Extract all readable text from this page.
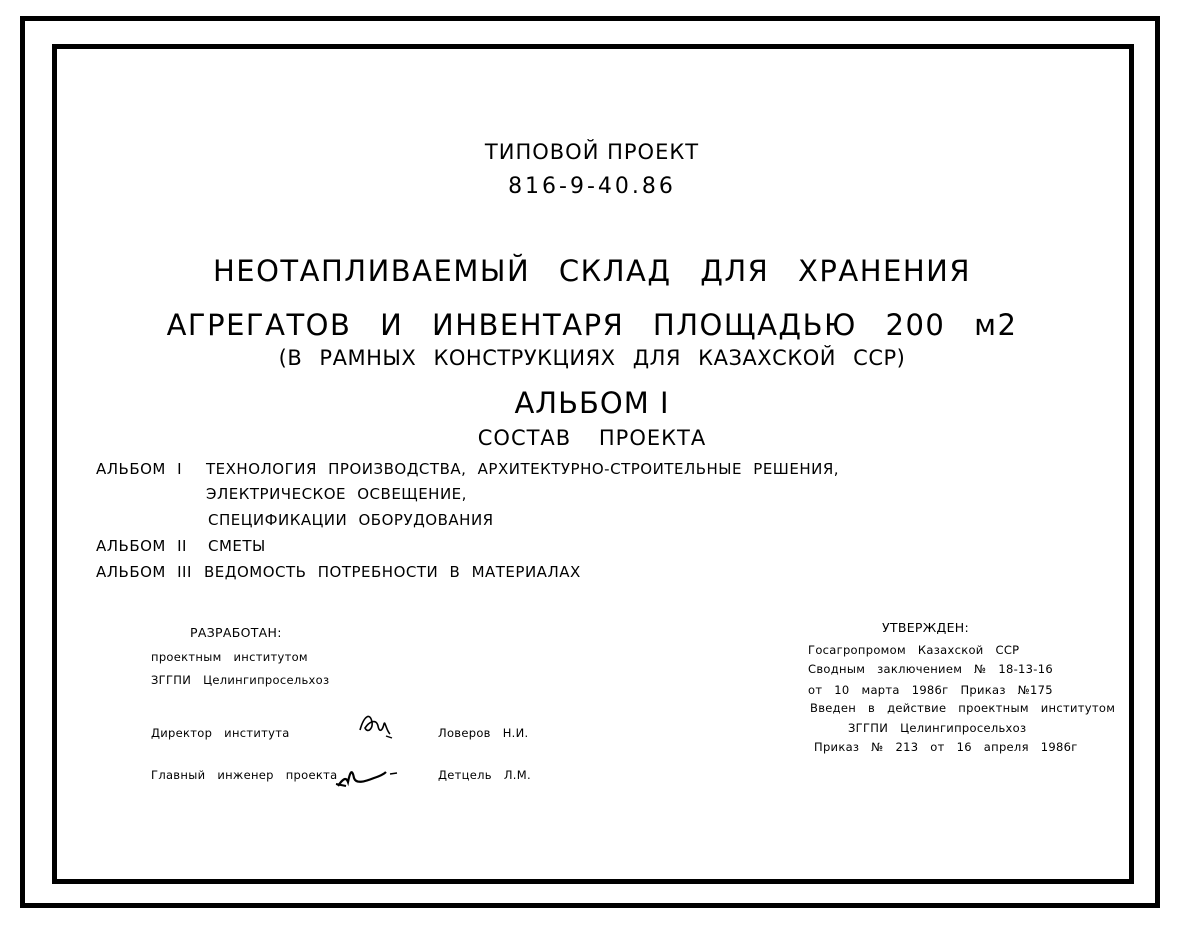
ТИПОВОЙ ПРОЕКТ
816-9-40.86
НЕОТАПЛИВАЕМЫЙ СКЛАД ДЛЯ ХРАНЕНИЯ
АГРЕГАТОВ И ИНВЕНТАРЯ ПЛОЩАДЬЮ 200 м2
(В РАМНЫХ КОНСТРУКЦИЯХ ДЛЯ КАЗАХСКОЙ ССР)
АЛЬБОМ I
СОСТАВ ПРОЕКТА
АЛЬБОМ I ТЕХНОЛОГИЯ ПРОИЗВОДСТВА, АРХИТЕКТУРНО-СТРОИТЕЛЬНЫЕ РЕШЕНИЯ,
ЭЛЕКТРИЧЕСКОЕ ОСВЕЩЕНИЕ,
СПЕЦИФИКАЦИИ ОБОРУДОВАНИЯ
АЛЬБОМ II СМЕТЫ
АЛЬБОМ III ВЕДОМОСТЬ ПОТРЕБНОСТИ В МАТЕРИАЛАХ
РАЗРАБОТАН:
проектным институтом
ЗГГПИ Целингипросельхоз
Директор института	Ловеров Н.И.
Главный инженер проекта	Детцель Л.М.
УТВЕРЖДЕН:
Госагропромом Казахской ССР
Сводным заключением № 18-13-16
от 10 марта 1986г Приказ №175
Введен в действие проектным институтом
ЗГГПИ Целингипросельхоз
Приказ № 213 от 16 апреля 1986г
